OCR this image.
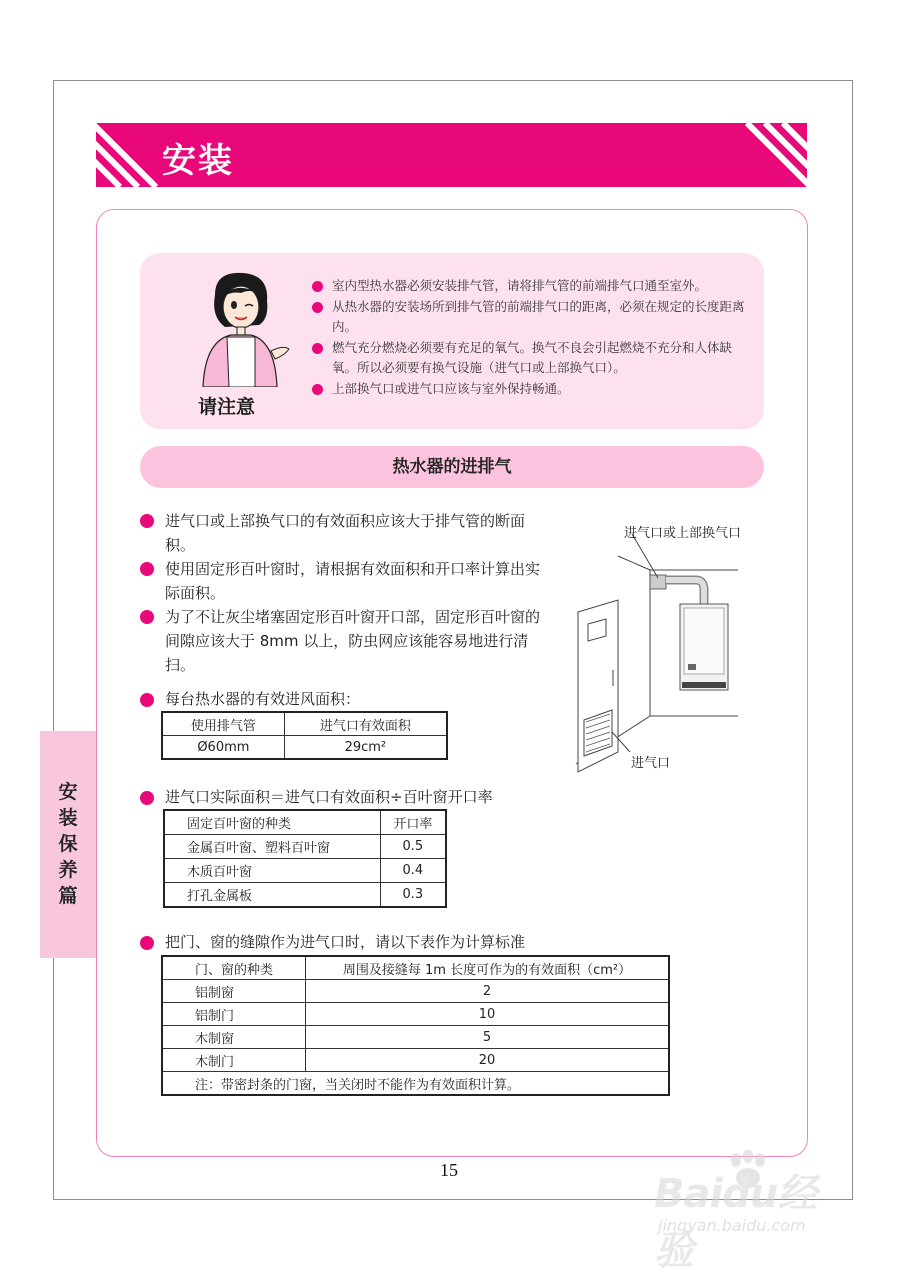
安装
请注意
室内型热水器必须安装排气管，请将排气管的前端排气口通至室外。
从热水器的安装场所到排气管的前端排气口的距离，必须在规定的长度距离内。
燃气充分燃烧必须要有充足的氧气。换气不良会引起燃烧不充分和人体缺氧。所以必须要有换气设施（进气口或上部换气口）。
上部换气口或进气口应该与室外保持畅通。
热水器的进排气
进气口或上部换气口的有效面积应该大于排气管的断面积。
使用固定形百叶窗时，请根据有效面积和开口率计算出实际面积。
为了不让灰尘堵塞固定形百叶窗开口部，固定形百叶窗的间隙应该大于 8mm 以上，防虫网应该能容易地进行清扫。
每台热水器的有效进风面积：
使用排气管	进气口有效面积
Ø60mm	29cm²
进气口实际面积＝进气口有效面积÷百叶窗开口率
固定百叶窗的种类	开口率
金属百叶窗、塑料百叶窗	0.5
木质百叶窗	0.4
打孔金属板	0.3
把门、窗的缝隙作为进气口时，请以下表作为计算标准
门、窗的种类	周围及接缝每 1m 长度可作为的有效面积（cm²）
铝制窗	2
铝制门	10
木制窗	5
木制门	20
注：带密封条的门窗，当关闭时不能作为有效面积计算。	
进气口或上部换气口
进气口
安装保养篇
15
Baidu经验
jingyan.baidu.com
